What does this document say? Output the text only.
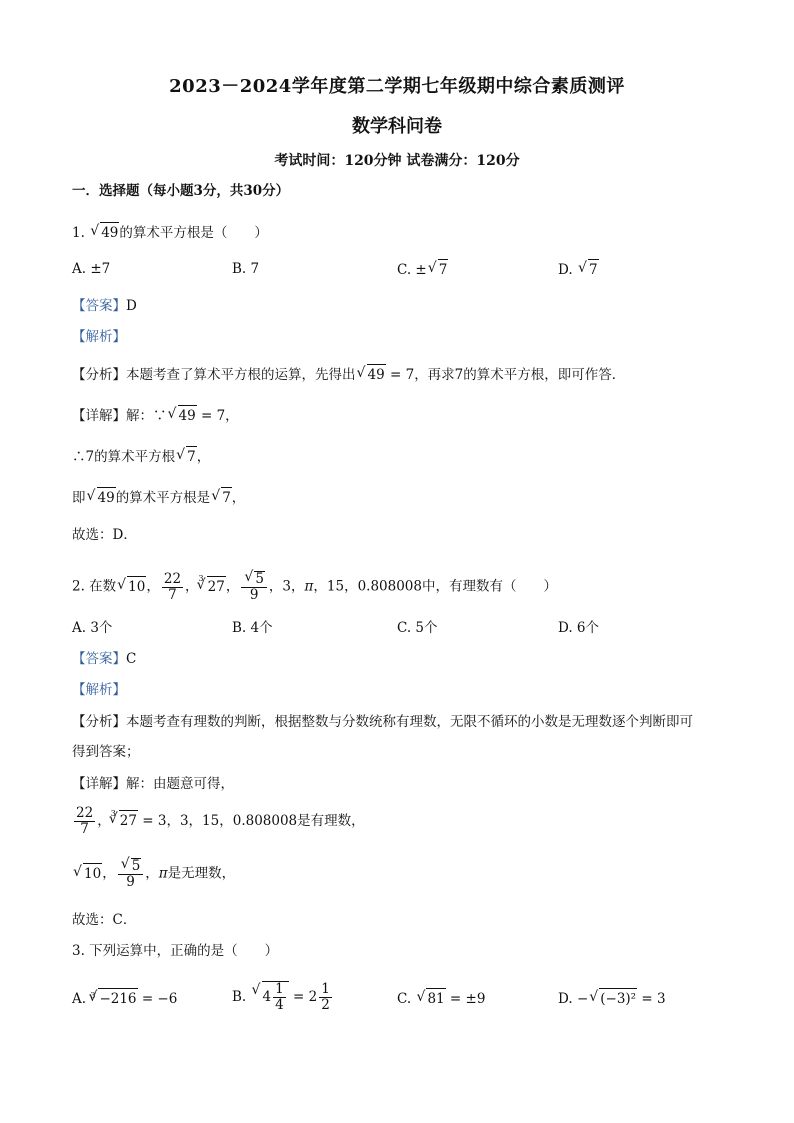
2023－2024学年度第二学期七年级期中综合素质测评
数学科问卷
考试时间：120分钟 试卷满分：120分
一．选择题（每小题3分，共30分）
1. √ 49的算术平方根是（　　）
A. ±7	B. 7	C. ± √ 7	D. √ 7
【答案】D
【解析】
【分析】本题考查了算术平方根的运算，先得出 √ 49 = 7，再求7的算术平方根，即可作答．
【详解】解：∵ √ 49 = 7，
∴7的算术平方根 √ 7，
即 √ 49的算术平方根是 √ 7，
故选：D．
2. 在数 √ 10， $\frac{22}{7}$ ，3 √ 27， √ $\frac{5}{9}$ ，3，π，15，0.808008中，有理数有（　　）
A. 3个	B. 4个	C. 5个	D. 6个
【答案】C
【解析】
【分析】本题考查有理数的判断，根据整数与分数统称有理数，无限不循环的小数是无理数逐个判断即可
得到答案；
【详解】解：由题意可得，
$\frac{22}{7}$ ，3 √ 27 = 3，3，15，0.808008是有理数，
√ 10， √ $\frac{5}{9}$ ，π是无理数，
故选：C．
3. 下列运算中，正确的是（　　）
A. 3 √ −216 = −6	B. √ $4 \frac{1}{4} = 2 \frac{1}{2}$	C. √ 81 = ±9	D. − √ (−3)² = 3
